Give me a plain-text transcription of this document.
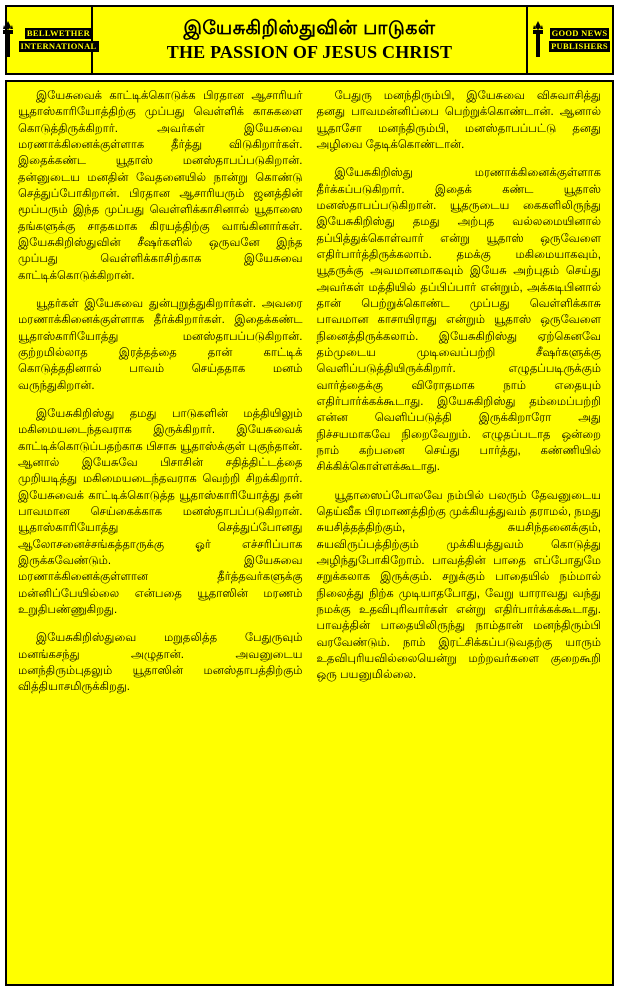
BELLWETHER
INTERNATIONAL
இயேசுகிறிஸ்துவின் பாடுகள்
THE PASSION OF JESUS CHRIST
GOOD NEWS
PUBLISHERS

இயேசுவைக் காட்டிக்கொடுக்க பிரதான ஆசாரியர் யூதாஸ்காரியோத்திற்கு முப்பது வெள்ளிக் காசுகளை கொடுத்திருக்கிறார். அவர்கள் இயேசுவை மரணாக்கினைக்குள்ளாக தீர்த்து விடுகிறார்கள். இதைக்கண்ட யூதாஸ் மனஸ்தாபப்படுகிறான். தன்னுடைய மனதின் வேதனையில் நான்று கொண்டு செத்துப்போகிறான். பிரதான ஆசாரியரும் ஜனத்தின் மூப்பரும் இந்த முப்பது வெள்ளிக்காசினால் யூதாஸை தங்களுக்கு சாதகமாக கிரயத்திற்கு வாங்கினார்கள். இயேசுகிறிஸ்துவின் சீஷர்களில் ஒருவனே இந்த முப்பது வெள்ளிக்காசிற்காக இயேசுவை காட்டிக்கொடுக்கிறான்.

யூதர்கள் இயேசுவை துன்புறுத்துகிறார்கள். அவரை மரணாக்கினைக்குள்ளாக தீர்க்கிறார்கள். இதைக்கண்ட யூதாஸ்காரியோத்து மனஸ்தாபப்படுகிறான். குற்றமில்லாத இரத்தத்தை தான் காட்டிக் கொடுத்ததினால் பாவம் செய்ததாக மனம் வருந்துகிறான்.

இயேசுகிறிஸ்து தமது பாடுகளின் மத்தியிலும் மகிமையடைந்தவராக இருக்கிறார். இயேசுவைக் காட்டிக்கொடுப்பதற்காக பிசாசு யூதாஸ்க்குள் புகுந்தான். ஆனால் இயேசுவே பிசாசின் சதித்திட்டத்தை முறியடித்து மகிமையடைந்தவராக வெற்றி சிறக்கிறார். இயேசுவைக் காட்டிக்கொடுத்த யூதாஸ்காரியோத்து தன் பாவமான செய்கைக்காக மனஸ்தாபப்படுகிறான். யூதாஸ்காரியோத்து செத்துப்போனது ஆலோசனைச்சங்கத்தாருக்கு ஓர் எச்சரிப்பாக இருக்கவேண்டும். இயேசுவை மரணாக்கினைக்குள்ளான தீர்த்தவர்களுக்கு மன்னிப்பேயில்லை என்பதை யூதாஸின் மரணம் உறுதிபண்ணுகிறது.

இயேசுகிறிஸ்துவை மறுதலித்த பேதுருவும் மனங்கசந்து அழுதான். அவனுடைய மனந்திரும்புதலும் யூதாஸின் மனஸ்தாபத்திற்கும் வித்தியாசமிருக்கிறது.

பேதுரு மனந்திரும்பி, இயேசுவை விசுவாசித்து தனது பாவமன்னிப்பை பெற்றுக்கொண்டான். ஆனால் யூதாசோ மனந்திரும்பி, மனஸ்தாபப்பட்டு தனது அழிவை தேடிக்கொண்டான்.

இயேசுகிறிஸ்து மரணாக்கினைக்குள்ளாக தீர்க்கப்படுகிறார். இதைக் கண்ட யூதாஸ் மனஸ்தாபப்படுகிறான். யூதருடைய கைகளிலிருந்து இயேசுகிறிஸ்து தமது அற்புத வல்லமையினால் தப்பித்துக்கொள்வார் என்று யூதாஸ் ஒருவேளை எதிர்பார்த்திருக்கலாம். தமக்கு மகிமையாகவும், யூதருக்கு அவமானமாகவும் இயேசு அற்புதம் செய்து அவர்கள் மத்தியில் தப்பிப்பார் என்றும், அக்கடிபினால் தான் பெற்றுக்கொண்ட முப்பது வெள்ளிக்காசு பாவமான காசாயிராது என்றும் யூதாஸ் ஒருவேளை நினைத்திருக்கலாம். இயேசுகிறிஸ்து ஏற்கெனவே தம்முடைய முடிவைப்பற்றி சீஷர்களுக்கு வெளிப்படுத்தியிருக்கிறார். எழுதப்படிருக்கும் வார்த்தைக்கு விரோதமாக நாம் எதையும் எதிர்பார்க்கக்கூடாது. இயேசுகிறிஸ்து தம்மைப்பற்றி என்ன வெளிப்படுத்தி இருக்கிறாரோ அது நிச்சயமாகவே நிறைவேறும். எழுதப்படாத ஒன்றை நாம் கற்பனை செய்து பார்த்து, கண்ணியில் சிக்கிக்கொள்ளக்கூடாது.

யூதாஸைப்போலவே நம்பில் பலரும் தேவனுடைய தெய்வீக பிரமாணத்திற்கு முக்கியத்துவம் தராமல், நமது சுயசித்தத்திற்கும், சுயசிந்தனைக்கும், சுயவிருப்பத்திற்கும் முக்கியத்துவம் கொடுத்து அழிந்துபோகிறோம். பாவத்தின் பாதை எப்போதுமே சறுக்கலாக இருக்கும். சறுக்கும் பாதையில் நம்மால் நிலைத்து நிற்க முடியாதபோது, வேறு யாராவது வந்து நமக்கு உதவிபுரிவார்கள் என்று எதிர்பார்க்கக்கூடாது. பாவத்தின் பாதையிலிருந்து நாம்தான் மனந்திரும்பி வரவேண்டும். நாம் இரட்சிக்கப்படுவதற்கு யாரும் உதவிபுரியவில்லையென்று மற்றவர்களை குறைகூறி ஒரு பயனுமில்லை.
